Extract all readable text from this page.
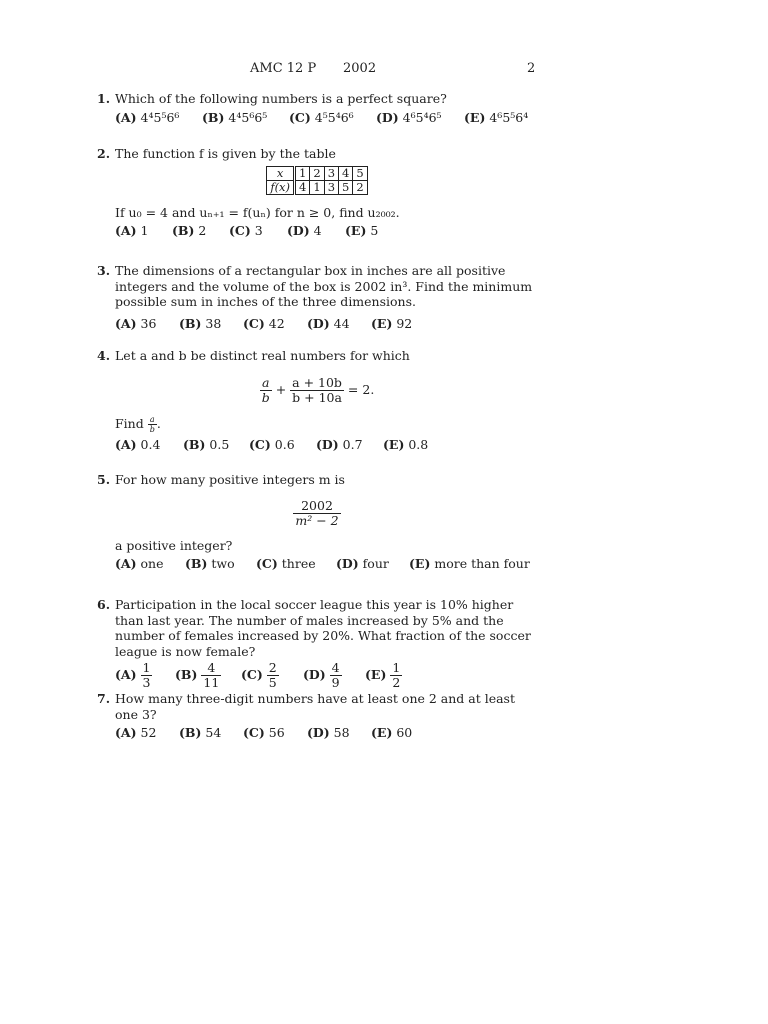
AMC 12 P 2002	2
1. Which of the following numbers is a perfect square?
(A) 4⁴5⁵6⁶ (B) 4⁴5⁶6⁵ (C) 4⁵5⁴6⁶ (D) 4⁶5⁴6⁵ (E) 4⁶5⁵6⁴
2. The function f is given by the table
x	1	2	3	4	5
f(x)	4	1	3	5	2
If u₀ = 4 and uₙ₊₁ = f(uₙ) for n ≥ 0, find u₂₀₀₂.
(A) 1 (B) 2 (C) 3 (D) 4 (E) 5
3. The dimensions of a rectangular box in inches are all positive integers and the volume of the box is 2002 in³. Find the minimum possible sum in inches of the three dimensions.
(A) 36 (B) 38 (C) 42 (D) 44 (E) 92
4. Let a and b be distinct real numbers for which
$\frac{a}{b} + \frac{a + 10b}{b + 10a} = 2$.
Find $\frac{a}{b}$ .
(A) 0.4 (B) 0.5 (C) 0.6 (D) 0.7 (E) 0.8
5. For how many positive integers m is
$\frac{2002}{\text{m² − 2}}$
a positive integer?
(A) one (B) two (C) three (D) four (E) more than four
6. Participation in the local soccer league this year is 10% higher than last year. The number of males increased by 5% and the number of females increased by 20%. What fraction of the soccer league is now female?
$(A) \frac{1}{3} (B) \frac{4}{11} (C) \frac{2}{5} (D) \frac{4}{9} (E) \frac{1}{2}$
7. How many three-digit numbers have at least one 2 and at least one 3?
(A) 52 (B) 54 (C) 56 (D) 58 (E) 60
